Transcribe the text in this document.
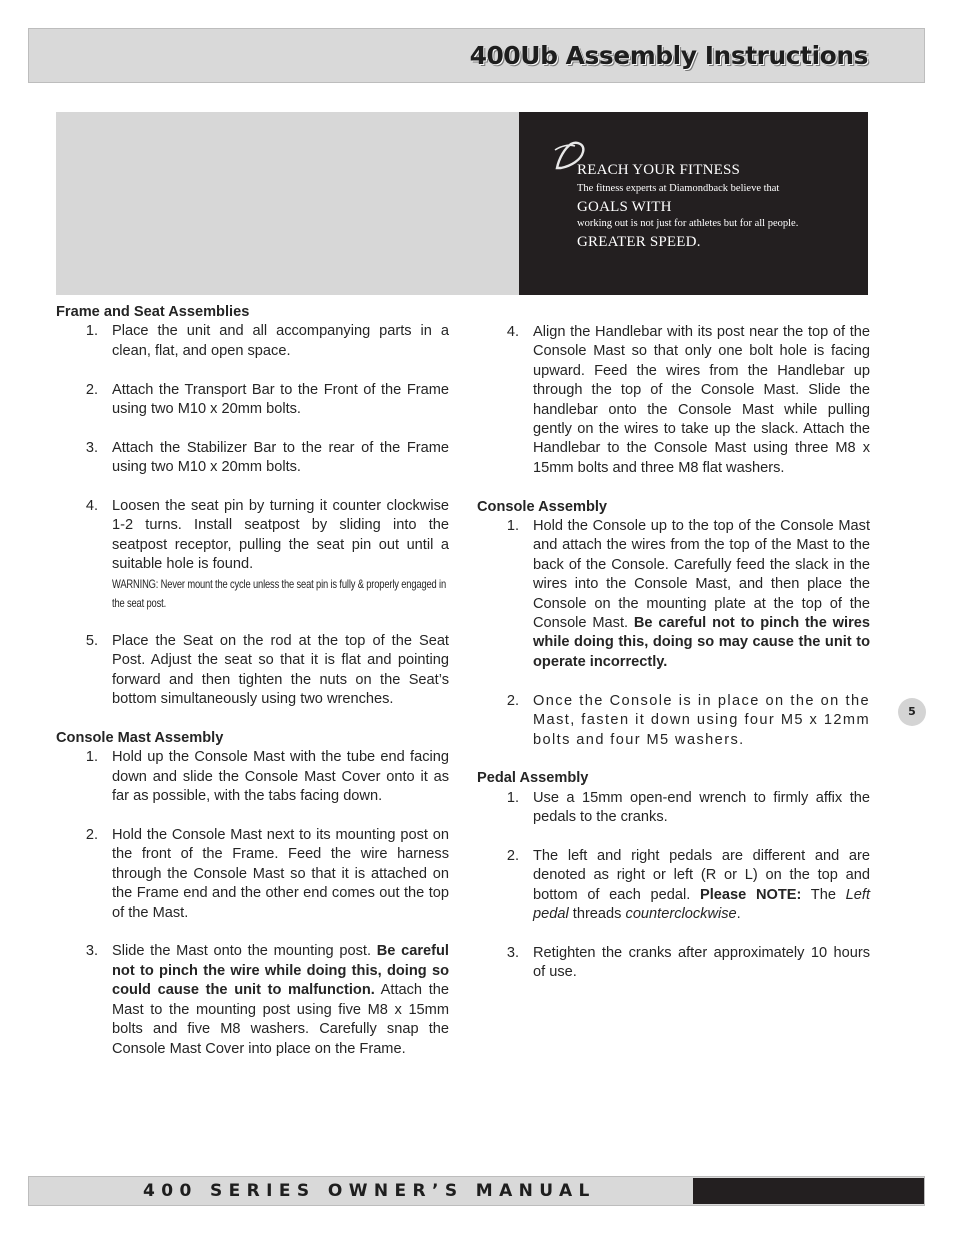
400Ub Assembly Instructions
REACH YOUR FITNESS
The fitness experts at Diamondback believe that
GOALS WITH
working out is not just for athletes but for all people.
GREATER SPEED.
Frame and Seat Assemblies
1. Place the unit and all accompanying parts in a clean, flat, and open space.
2. Attach the Transport Bar to the Front of the Frame using two M10 x 20mm bolts.
3. Attach the Stabilizer Bar to the rear of the Frame using two M10 x 20mm bolts.
4. Loosen the seat pin by turning it counter clockwise 1-2 turns. Install seatpost by sliding into the seatpost receptor, pulling the seat pin out until a suitable hole is found.
WARNING: Never mount the cycle unless the seat pin is fully & properly engaged in the seat post.
5. Place the Seat on the rod at the top of the Seat Post. Adjust the seat so that it is flat and pointing forward and then tighten the nuts on the Seat’s bottom simultaneously using two wrenches.
Console Mast Assembly
1. Hold up the Console Mast with the tube end facing down and slide the Console Mast Cover onto it as far as possible, with the tabs facing down.
2. Hold the Console Mast next to its mounting post on the front of the Frame. Feed the wire harness through the Console Mast so that it is attached on the Frame end and the other end comes out the top of the Mast.
3. Slide the Mast onto the mounting post. Be careful not to pinch the wire while doing this, doing so could cause the unit to malfunction. Attach the Mast to the mounting post using five M8 x 15mm bolts and five M8 washers. Carefully snap the Console Mast Cover into place on the Frame.
4. Align the Handlebar with its post near the top of the Console Mast so that only one bolt hole is facing upward. Feed the wires from the Handlebar up through the top of the Console Mast. Slide the handlebar onto the Console Mast while pulling gently on the wires to take up the slack. Attach the Handlebar to the Console Mast using three M8 x 15mm bolts and three M8 flat washers.
Console Assembly
1. Hold the Console up to the top of the Console Mast and attach the wires from the top of the Mast to the back of the Console. Carefully feed the slack in the wires into the Console Mast, and then place the Console on the mounting plate at the top of the Console Mast. Be careful not to pinch the wires while doing this, doing so may cause the unit to operate incorrectly.
2. Once the Console is in place on the on the Mast, fasten it down using four M5 x 12mm bolts and four M5 washers.
Pedal Assembly
1. Use a 15mm open-end wrench to firmly affix the pedals to the cranks.
2. The left and right pedals are different and are denoted as right or left (R or L) on the top and bottom of each pedal. Please NOTE: The Left pedal threads counterclockwise.
3. Retighten the cranks after approximately 10 hours of use.
5

400 SERIES OWNER’S MANUAL
